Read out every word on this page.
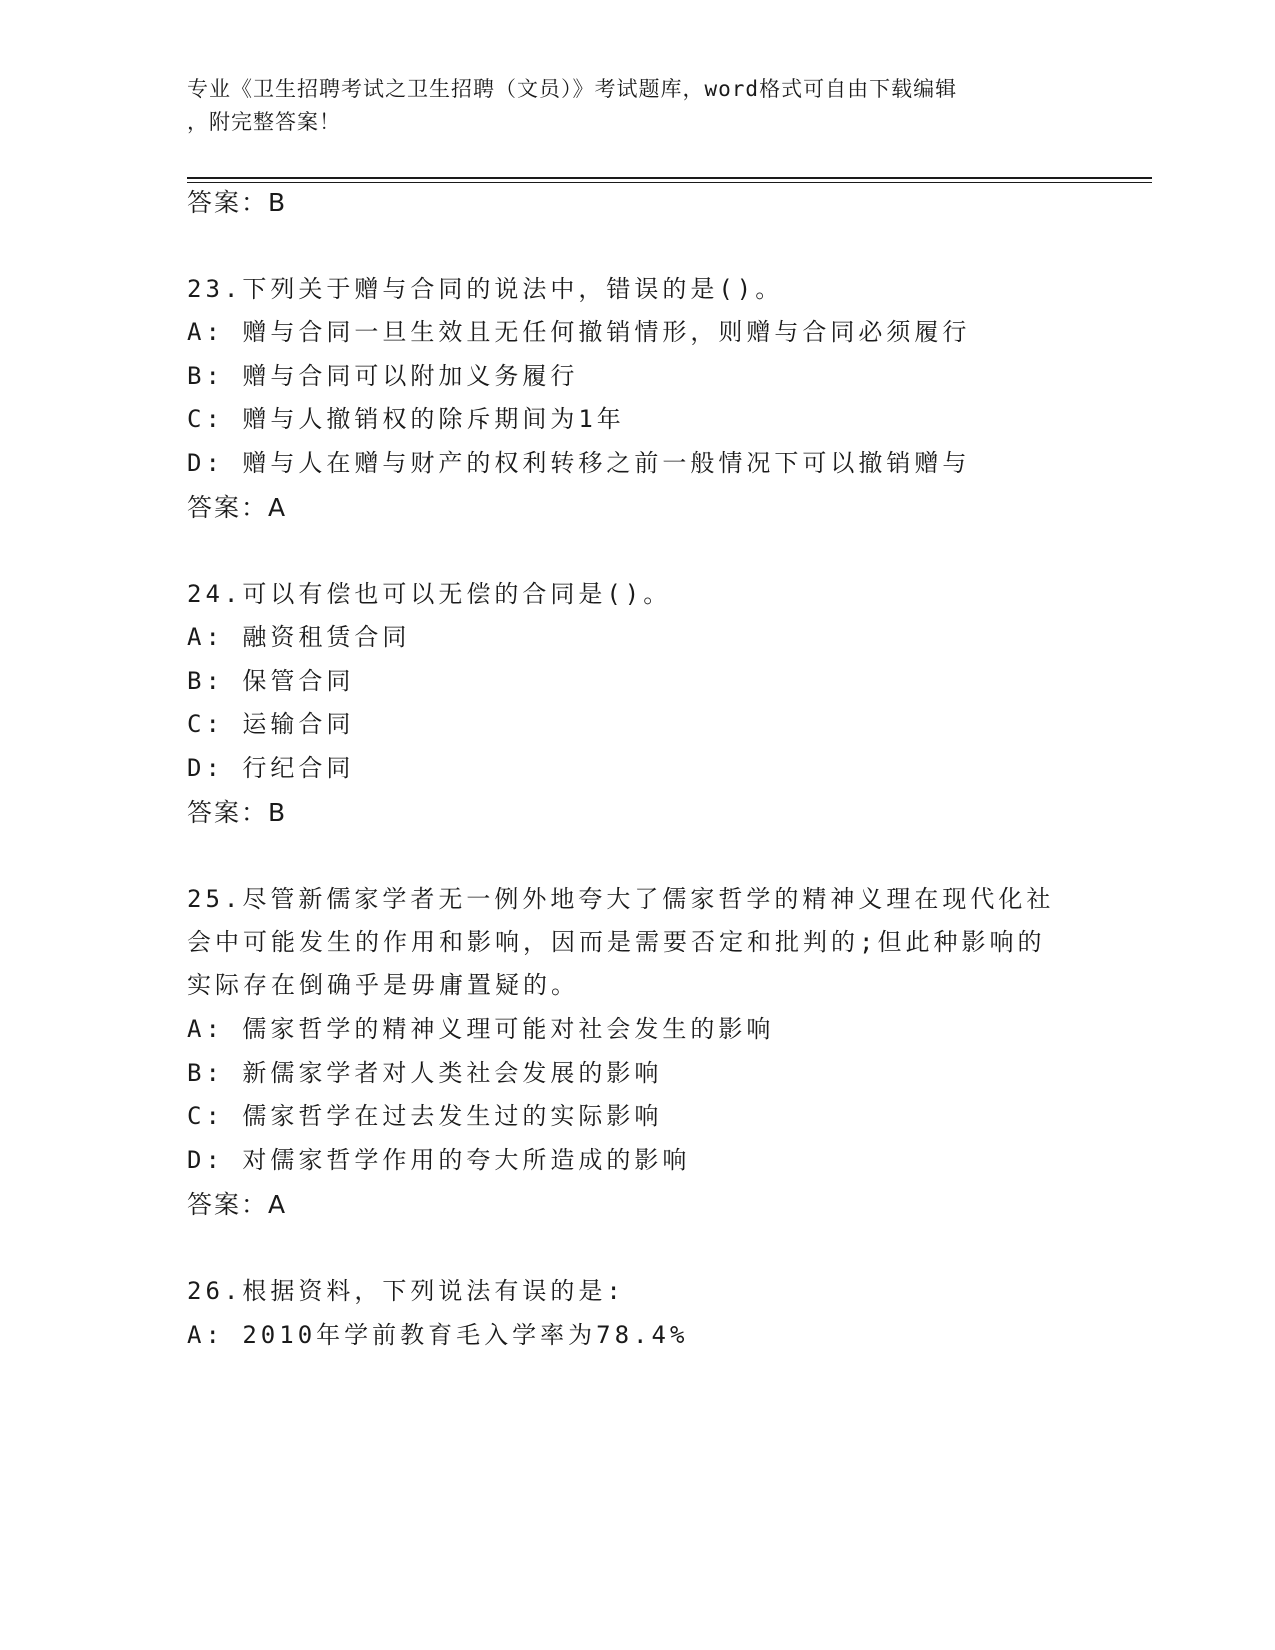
专业《卫生招聘考试之卫生招聘（文员）》考试题库，word格式可自由下载编辑
，附完整答案！
答案：B
23.下列关于赠与合同的说法中，错误的是()。
A: 赠与合同一旦生效且无任何撤销情形，则赠与合同必须履行
B: 赠与合同可以附加义务履行
C: 赠与人撤销权的除斥期间为1年
D: 赠与人在赠与财产的权利转移之前一般情况下可以撤销赠与
答案：A
24.可以有偿也可以无偿的合同是()。
A: 融资租赁合同
B: 保管合同
C: 运输合同
D: 行纪合同
答案：B
25.尽管新儒家学者无一例外地夸大了儒家哲学的精神义理在现代化社
会中可能发生的作用和影响，因而是需要否定和批判的;但此种影响的
实际存在倒确乎是毋庸置疑的。
A: 儒家哲学的精神义理可能对社会发生的影响
B: 新儒家学者对人类社会发展的影响
C: 儒家哲学在过去发生过的实际影响
D: 对儒家哲学作用的夸大所造成的影响
答案：A
26.根据资料，下列说法有误的是:
A: 2010年学前教育毛入学率为78.4%
